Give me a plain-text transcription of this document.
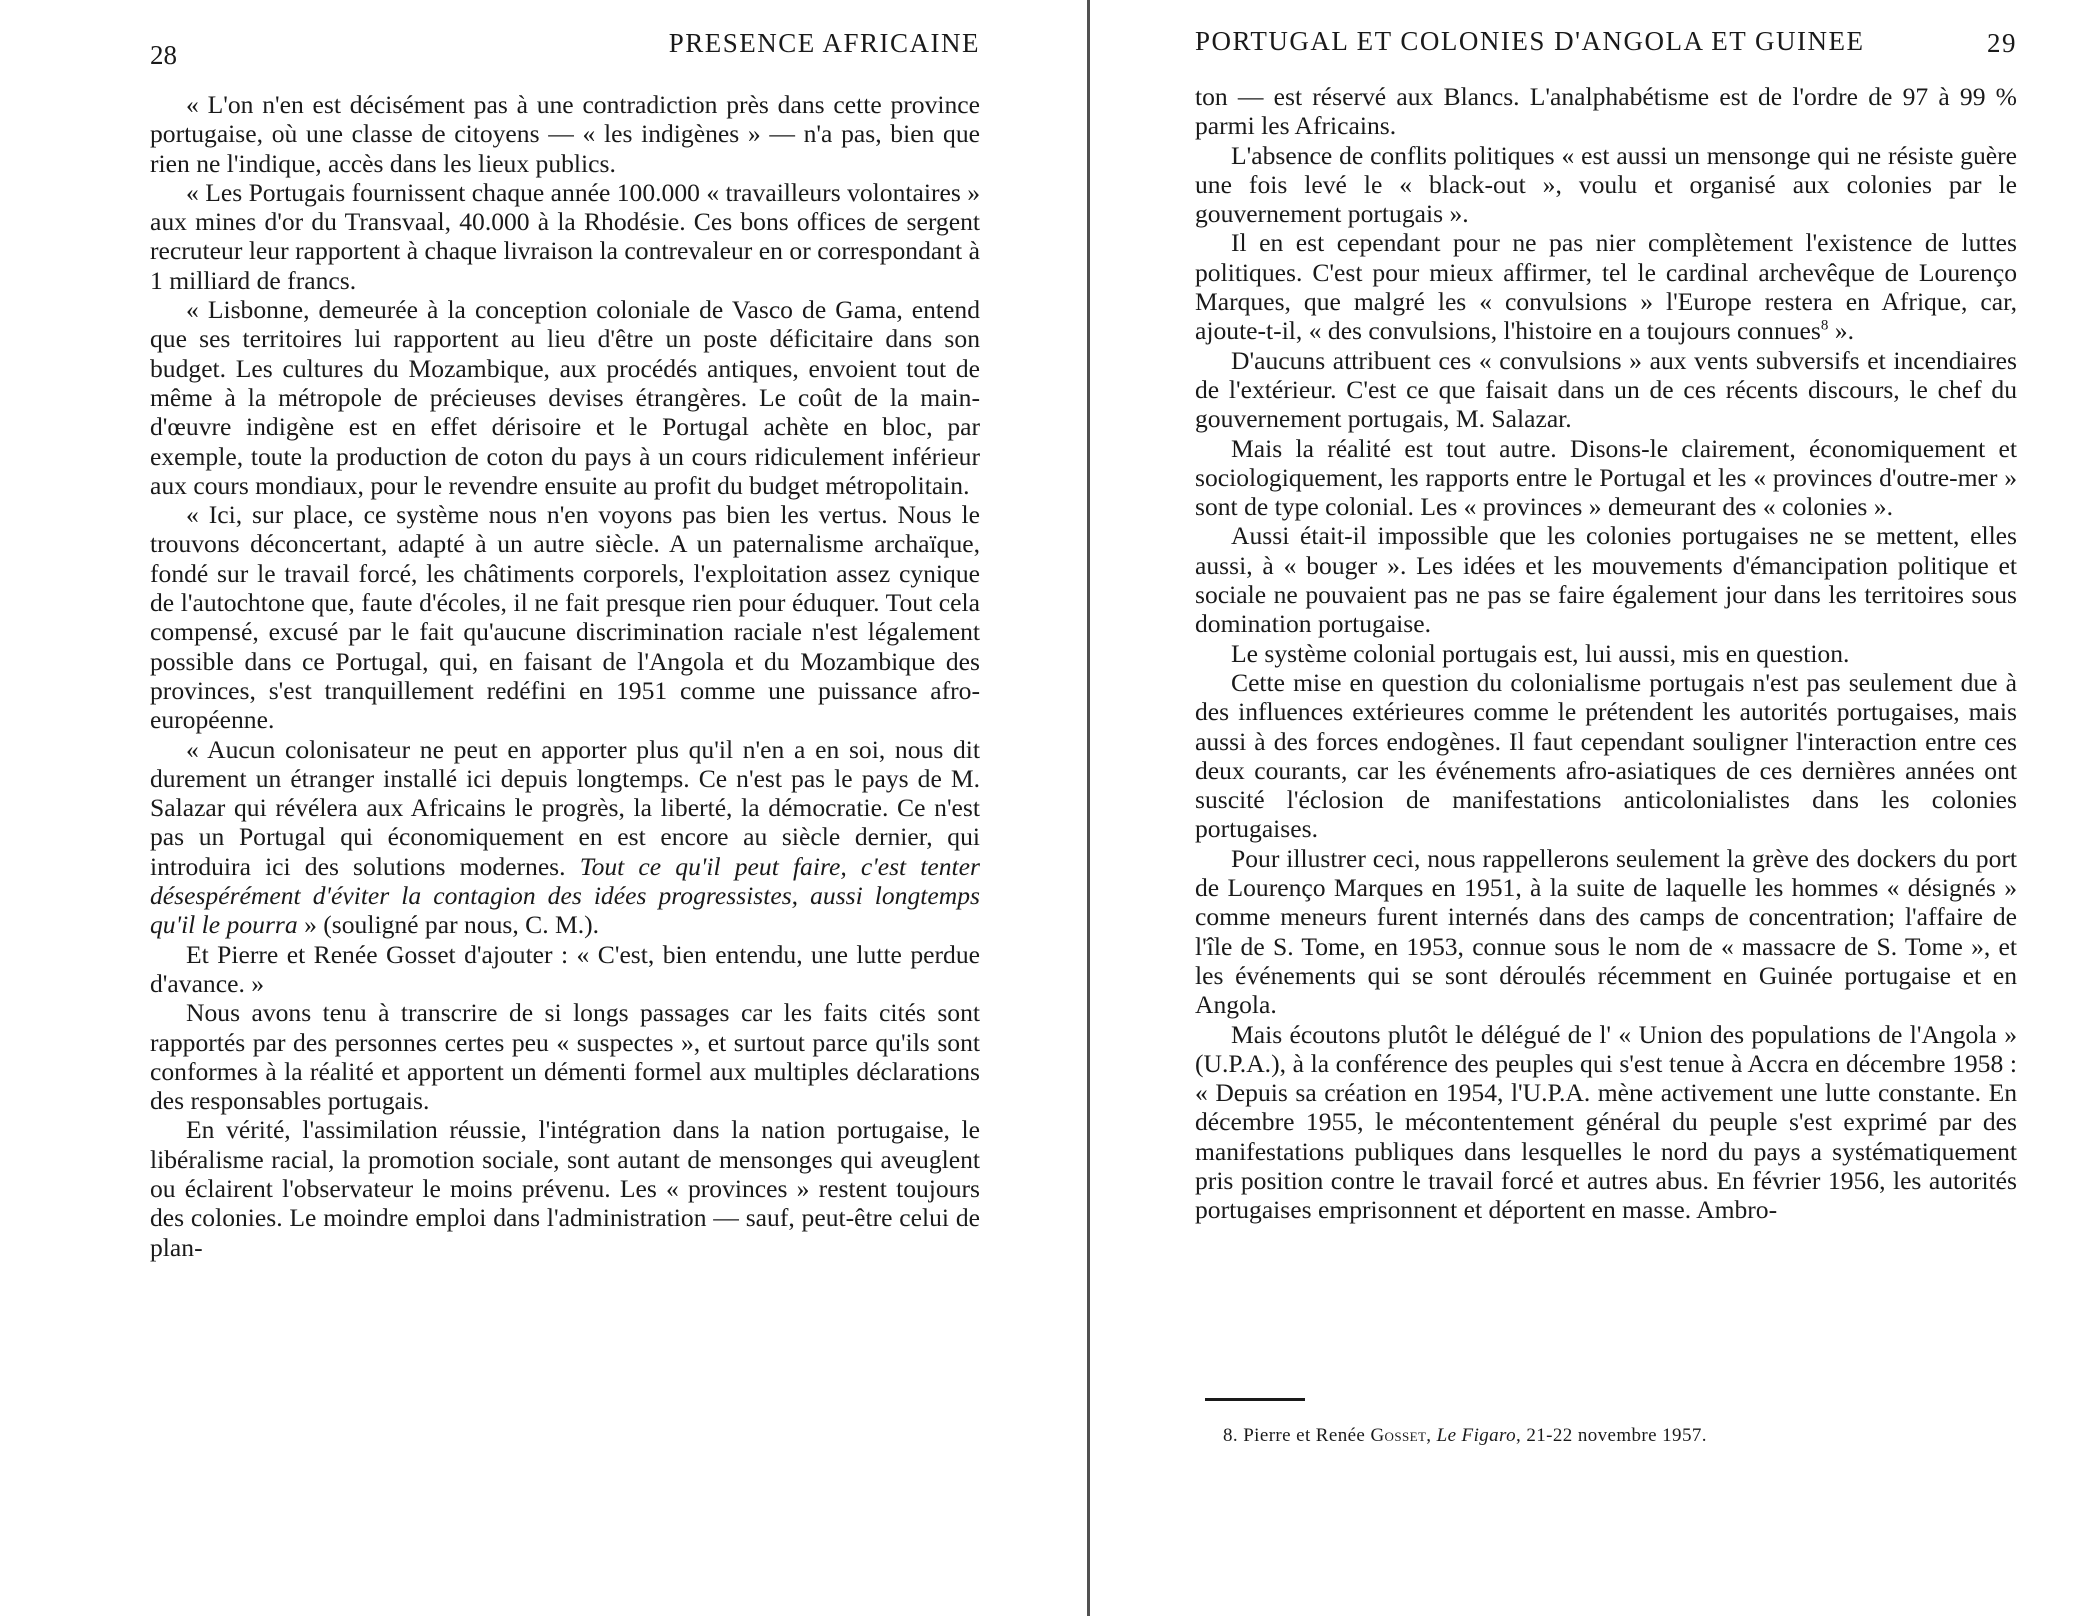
PRESENCE AFRICAINE
28

« L'on n'en est décisément pas à une contradiction près dans cette province portugaise, où une classe de citoyens — « les indigènes » — n'a pas, bien que rien ne l'indique, accès dans les lieux publics.

« Les Portugais fournissent chaque année 100.000 « travailleurs volontaires » aux mines d'or du Transvaal, 40.000 à la Rhodésie. Ces bons offices de sergent recruteur leur rapportent à chaque livraison la contrevaleur en or correspondant à 1 milliard de francs.

« Lisbonne, demeurée à la conception coloniale de Vasco de Gama, entend que ses territoires lui rapportent au lieu d'être un poste déficitaire dans son budget. Les cultures du Mozambique, aux procédés antiques, envoient tout de même à la métropole de précieuses devises étrangères. Le coût de la main-d'œuvre indigène est en effet dérisoire et le Portugal achète en bloc, par exemple, toute la production de coton du pays à un cours ridiculement inférieur aux cours mondiaux, pour le revendre ensuite au profit du budget métropolitain.

« Ici, sur place, ce système nous n'en voyons pas bien les vertus. Nous le trouvons déconcertant, adapté à un autre siècle. A un paternalisme archaïque, fondé sur le travail forcé, les châtiments corporels, l'exploitation assez cynique de l'autochtone que, faute d'écoles, il ne fait presque rien pour éduquer. Tout cela compensé, excusé par le fait qu'aucune discrimination raciale n'est légalement possible dans ce Portugal, qui, en faisant de l'Angola et du Mozambique des provinces, s'est tranquillement redéfini en 1951 comme une puissance afro-européenne.

« Aucun colonisateur ne peut en apporter plus qu'il n'en a en soi, nous dit durement un étranger installé ici depuis longtemps. Ce n'est pas le pays de M. Salazar qui révélera aux Africains le progrès, la liberté, la démocratie. Ce n'est pas un Portugal qui économiquement en est encore au siècle dernier, qui introduira ici des solutions modernes. Tout ce qu'il peut faire, c'est tenter désespérément d'éviter la contagion des idées progressistes, aussi longtemps qu'il le pourra » (souligné par nous, C. M.).

Et Pierre et Renée Gosset d'ajouter : « C'est, bien entendu, une lutte perdue d'avance. »

Nous avons tenu à transcrire de si longs passages car les faits cités sont rapportés par des personnes certes peu « suspectes », et surtout parce qu'ils sont conformes à la réalité et apportent un démenti formel aux multiples déclarations des responsables portugais.

En vérité, l'assimilation réussie, l'intégration dans la nation portugaise, le libéralisme racial, la promotion sociale, sont autant de mensonges qui aveuglent ou éclairent l'observateur le moins prévenu. Les « provinces » restent toujours des colonies. Le moindre emploi dans l'administration — sauf, peut-être celui de plan-

PORTUGAL ET COLONIES D'ANGOLA ET GUINEE	29

ton — est réservé aux Blancs. L'analphabétisme est de l'ordre de 97 à 99 % parmi les Africains.

L'absence de conflits politiques « est aussi un mensonge qui ne résiste guère une fois levé le « black-out », voulu et organisé aux colonies par le gouvernement portugais ».

Il en est cependant pour ne pas nier complètement l'existence de luttes politiques. C'est pour mieux affirmer, tel le cardinal archevêque de Lourenço Marques, que malgré les « convulsions » l'Europe restera en Afrique, car, ajoute-t-il, « des convulsions, l'histoire en a toujours connues$^8$ ».

D'aucuns attribuent ces « convulsions » aux vents subversifs et incendiaires de l'extérieur. C'est ce que faisait dans un de ces récents discours, le chef du gouvernement portugais, M. Salazar.

Mais la réalité est tout autre. Disons-le clairement, économiquement et sociologiquement, les rapports entre le Portugal et les « provinces d'outre-mer » sont de type colonial. Les « provinces » demeurant des « colonies ».

Aussi était-il impossible que les colonies portugaises ne se mettent, elles aussi, à « bouger ». Les idées et les mouvements d'émancipation politique et sociale ne pouvaient pas ne pas se faire également jour dans les territoires sous domination portugaise.

Le système colonial portugais est, lui aussi, mis en question.

Cette mise en question du colonialisme portugais n'est pas seulement due à des influences extérieures comme le prétendent les autorités portugaises, mais aussi à des forces endogènes. Il faut cependant souligner l'interaction entre ces deux courants, car les événements afro-asiatiques de ces dernières années ont suscité l'éclosion de manifestations anticolonialistes dans les colonies portugaises.

Pour illustrer ceci, nous rappellerons seulement la grève des dockers du port de Lourenço Marques en 1951, à la suite de laquelle les hommes « désignés » comme meneurs furent internés dans des camps de concentration; l'affaire de l'île de S. Tome, en 1953, connue sous le nom de « massacre de S. Tome », et les événements qui se sont déroulés récemment en Guinée portugaise et en Angola.

Mais écoutons plutôt le délégué de l' « Union des populations de l'Angola » (U.P.A.), à la conférence des peuples qui s'est tenue à Accra en décembre 1958 : « Depuis sa création en 1954, l'U.P.A. mène activement une lutte constante. En décembre 1955, le mécontentement général du peuple s'est exprimé par des manifestations publiques dans lesquelles le nord du pays a systématiquement pris position contre le travail forcé et autres abus. En février 1956, les autorités portugaises emprisonnent et déportent en masse. Ambro-

8. Pierre et Renée Gosset, Le Figaro, 21-22 novembre 1957.
